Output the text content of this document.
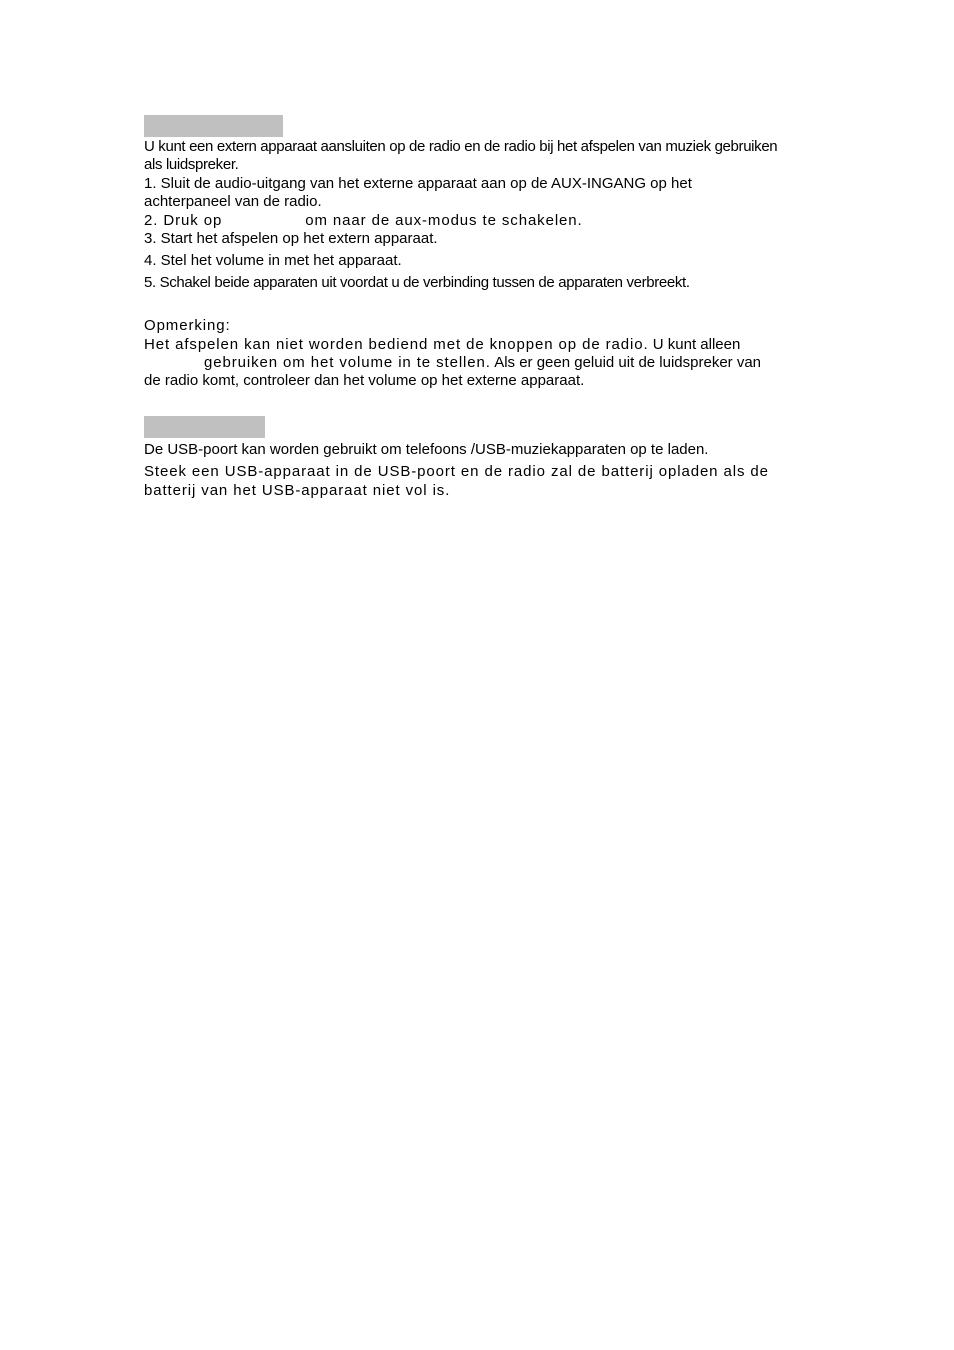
U kunt een extern apparaat aansluiten op de radio en de radio bij het afspelen van muziek gebruiken
als luidspreker.
1. Sluit de audio-uitgang van het externe apparaat aan op de AUX-INGANG op het
achterpaneel van de radio.
2. Druk op	om naar de aux-modus te schakelen.
3. Start het afspelen op het extern apparaat.
4. Stel het volume in met het apparaat.
5. Schakel beide apparaten uit voordat u de verbinding tussen de apparaten verbreekt.
Opmerking:
Het afspelen kan niet worden bediend met de knoppen op de radio. U kunt alleen
gebruiken om het volume in te stellen. Als er geen geluid uit de luidspreker van
de radio komt, controleer dan het volume op het externe apparaat.
De USB-poort kan worden gebruikt om telefoons /USB-muziekapparaten op te laden.
Steek een USB-apparaat in de USB-poort en de radio zal de batterij opladen als de
batterij van het USB-apparaat niet vol is.
